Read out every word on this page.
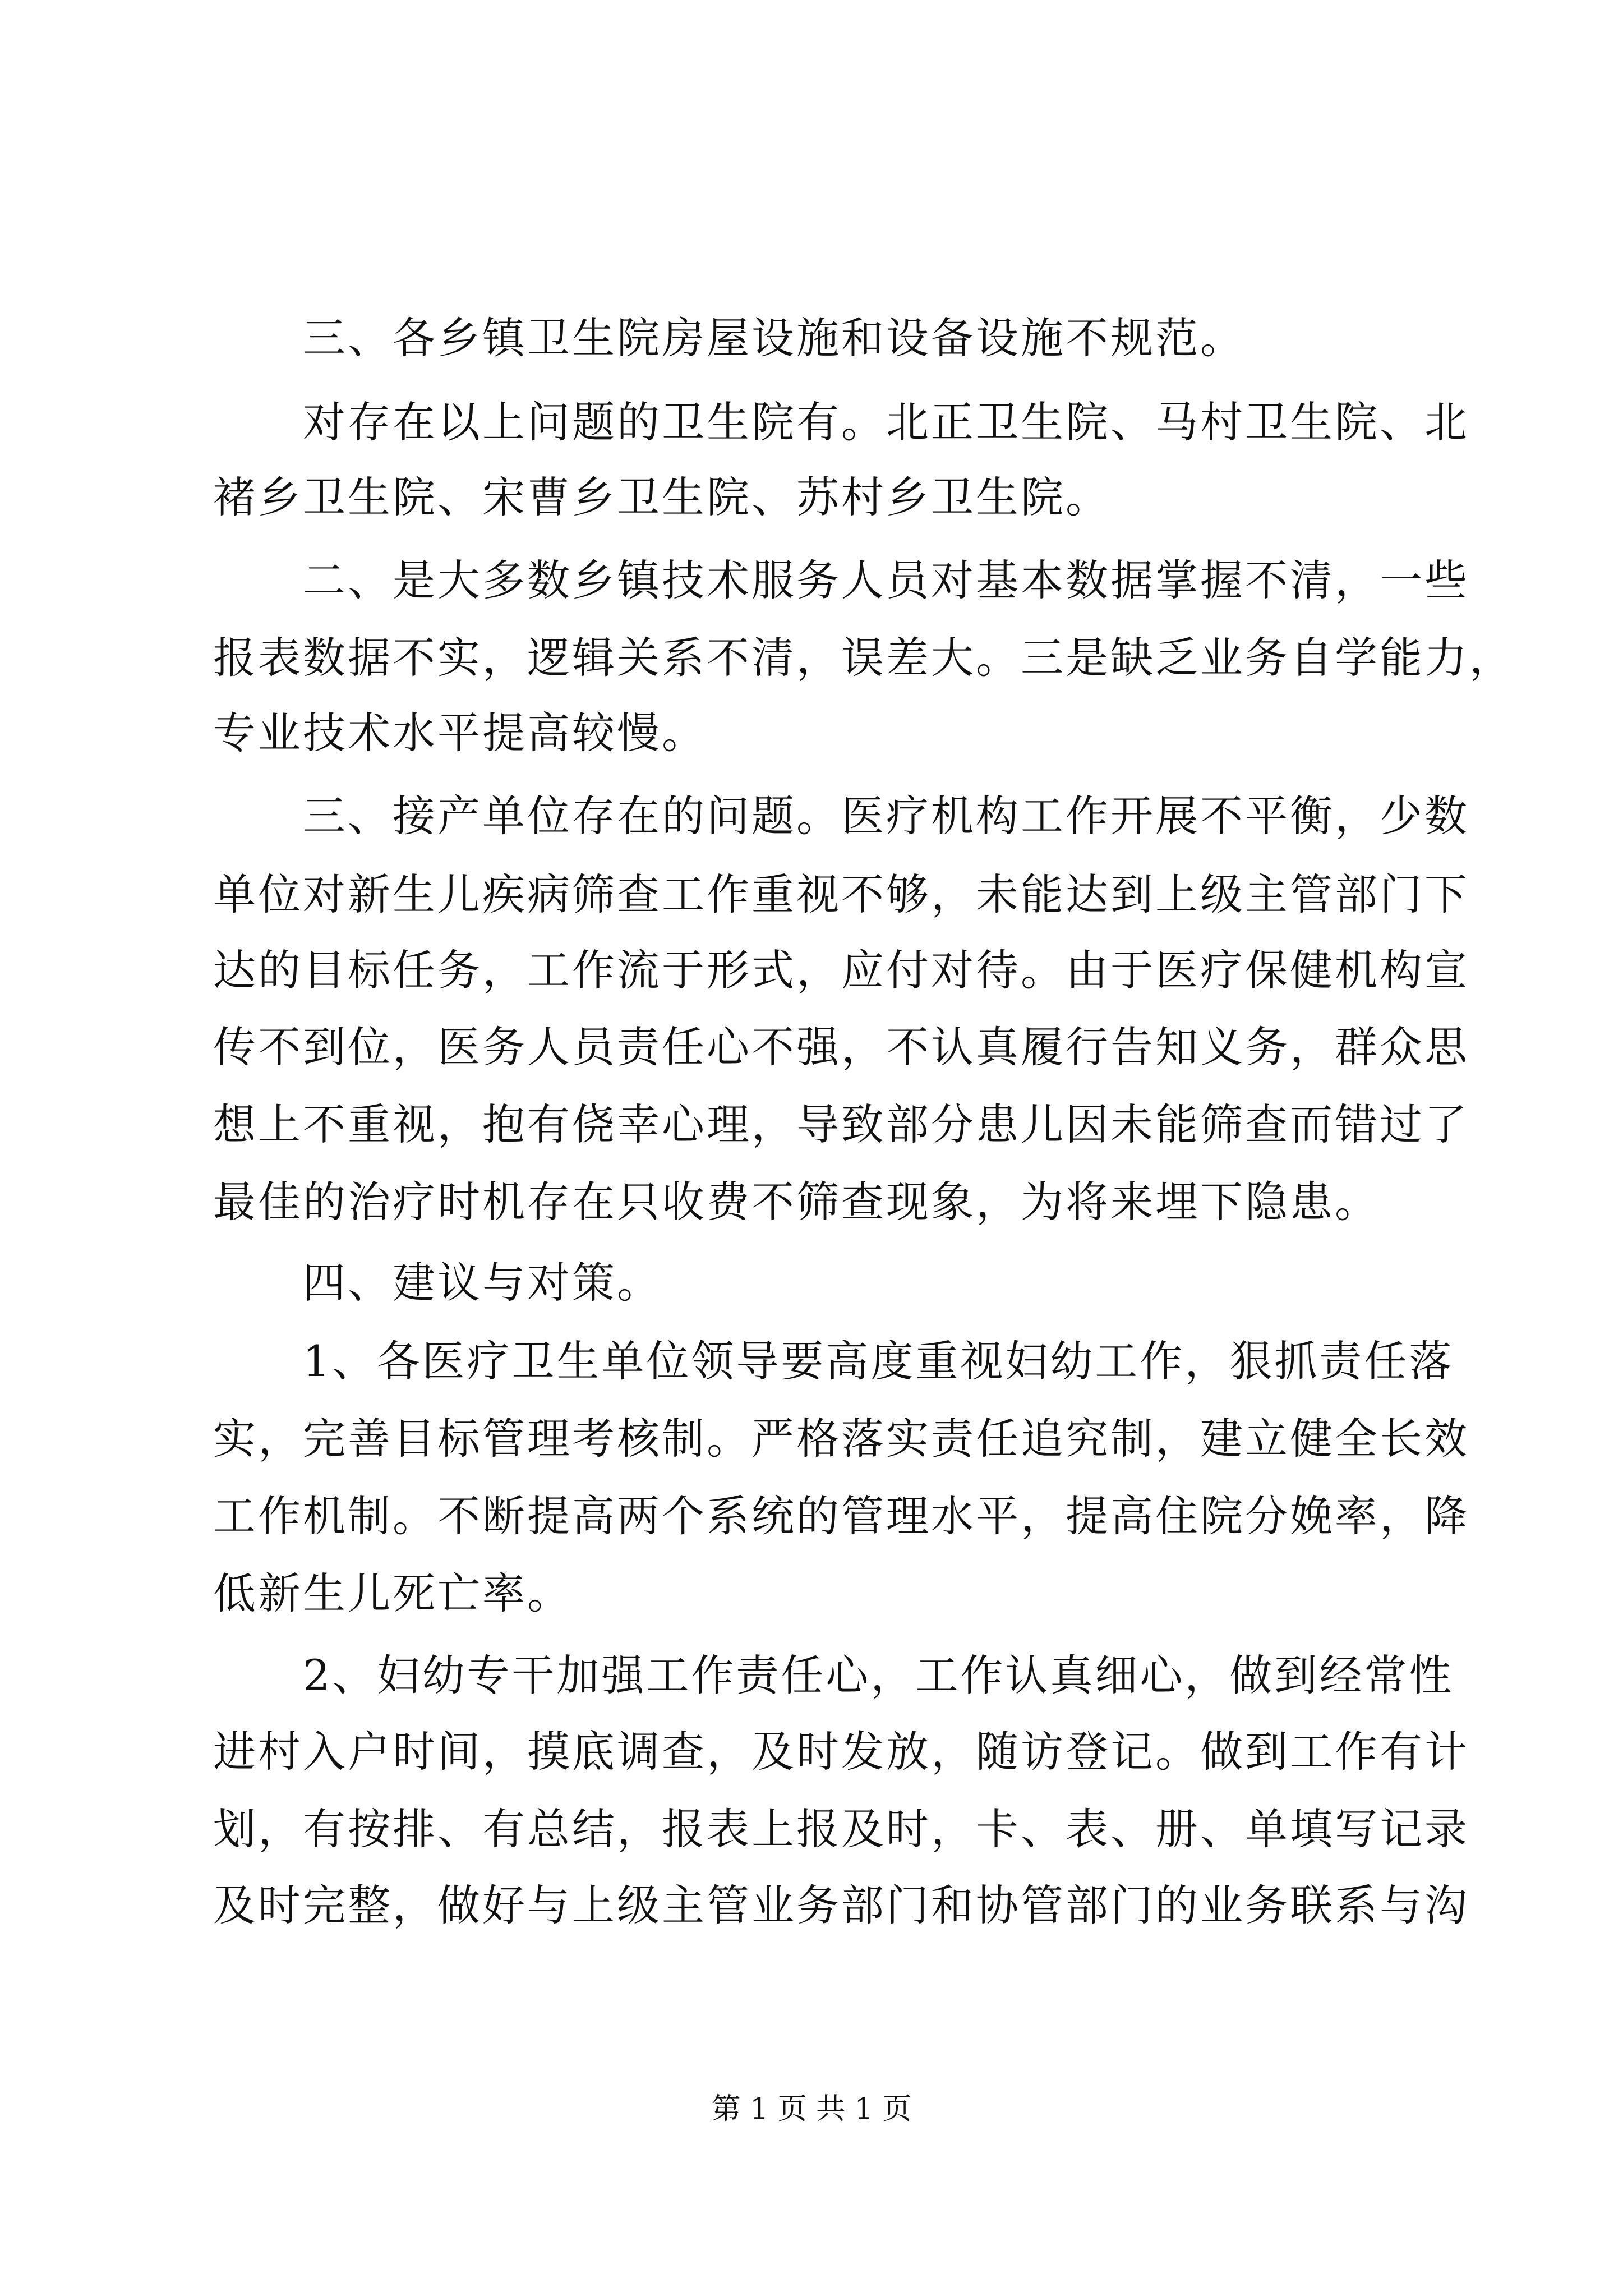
三、各乡镇卫生院房屋设施和设备设施不规范。
对存在以上问题的卫生院有。北正卫生院、马村卫生院、北
褚乡卫生院、宋曹乡卫生院、苏村乡卫生院。
二、是大多数乡镇技术服务人员对基本数据掌握不清，一些
报表数据不实，逻辑关系不清，误差大。三是缺乏业务自学能力，
专业技术水平提高较慢。
三、接产单位存在的问题。医疗机构工作开展不平衡，少数
单位对新生儿疾病筛查工作重视不够，未能达到上级主管部门下
达的目标任务，工作流于形式，应付对待。由于医疗保健机构宣
传不到位，医务人员责任心不强，不认真履行告知义务，群众思
想上不重视，抱有侥幸心理，导致部分患儿因未能筛查而错过了
最佳的治疗时机存在只收费不筛查现象，为将来埋下隐患。
四、建议与对策。
1、各医疗卫生单位领导要高度重视妇幼工作，狠抓责任落
实，完善目标管理考核制。严格落实责任追究制，建立健全长效
工作机制。不断提高两个系统的管理水平，提高住院分娩率，降
低新生儿死亡率。
2、妇幼专干加强工作责任心，工作认真细心，做到经常性
进村入户时间，摸底调查，及时发放，随访登记。做到工作有计
划，有按排、有总结，报表上报及时，卡、表、册、单填写记录
及时完整，做好与上级主管业务部门和协管部门的业务联系与沟
第 1 页 共 1 页
